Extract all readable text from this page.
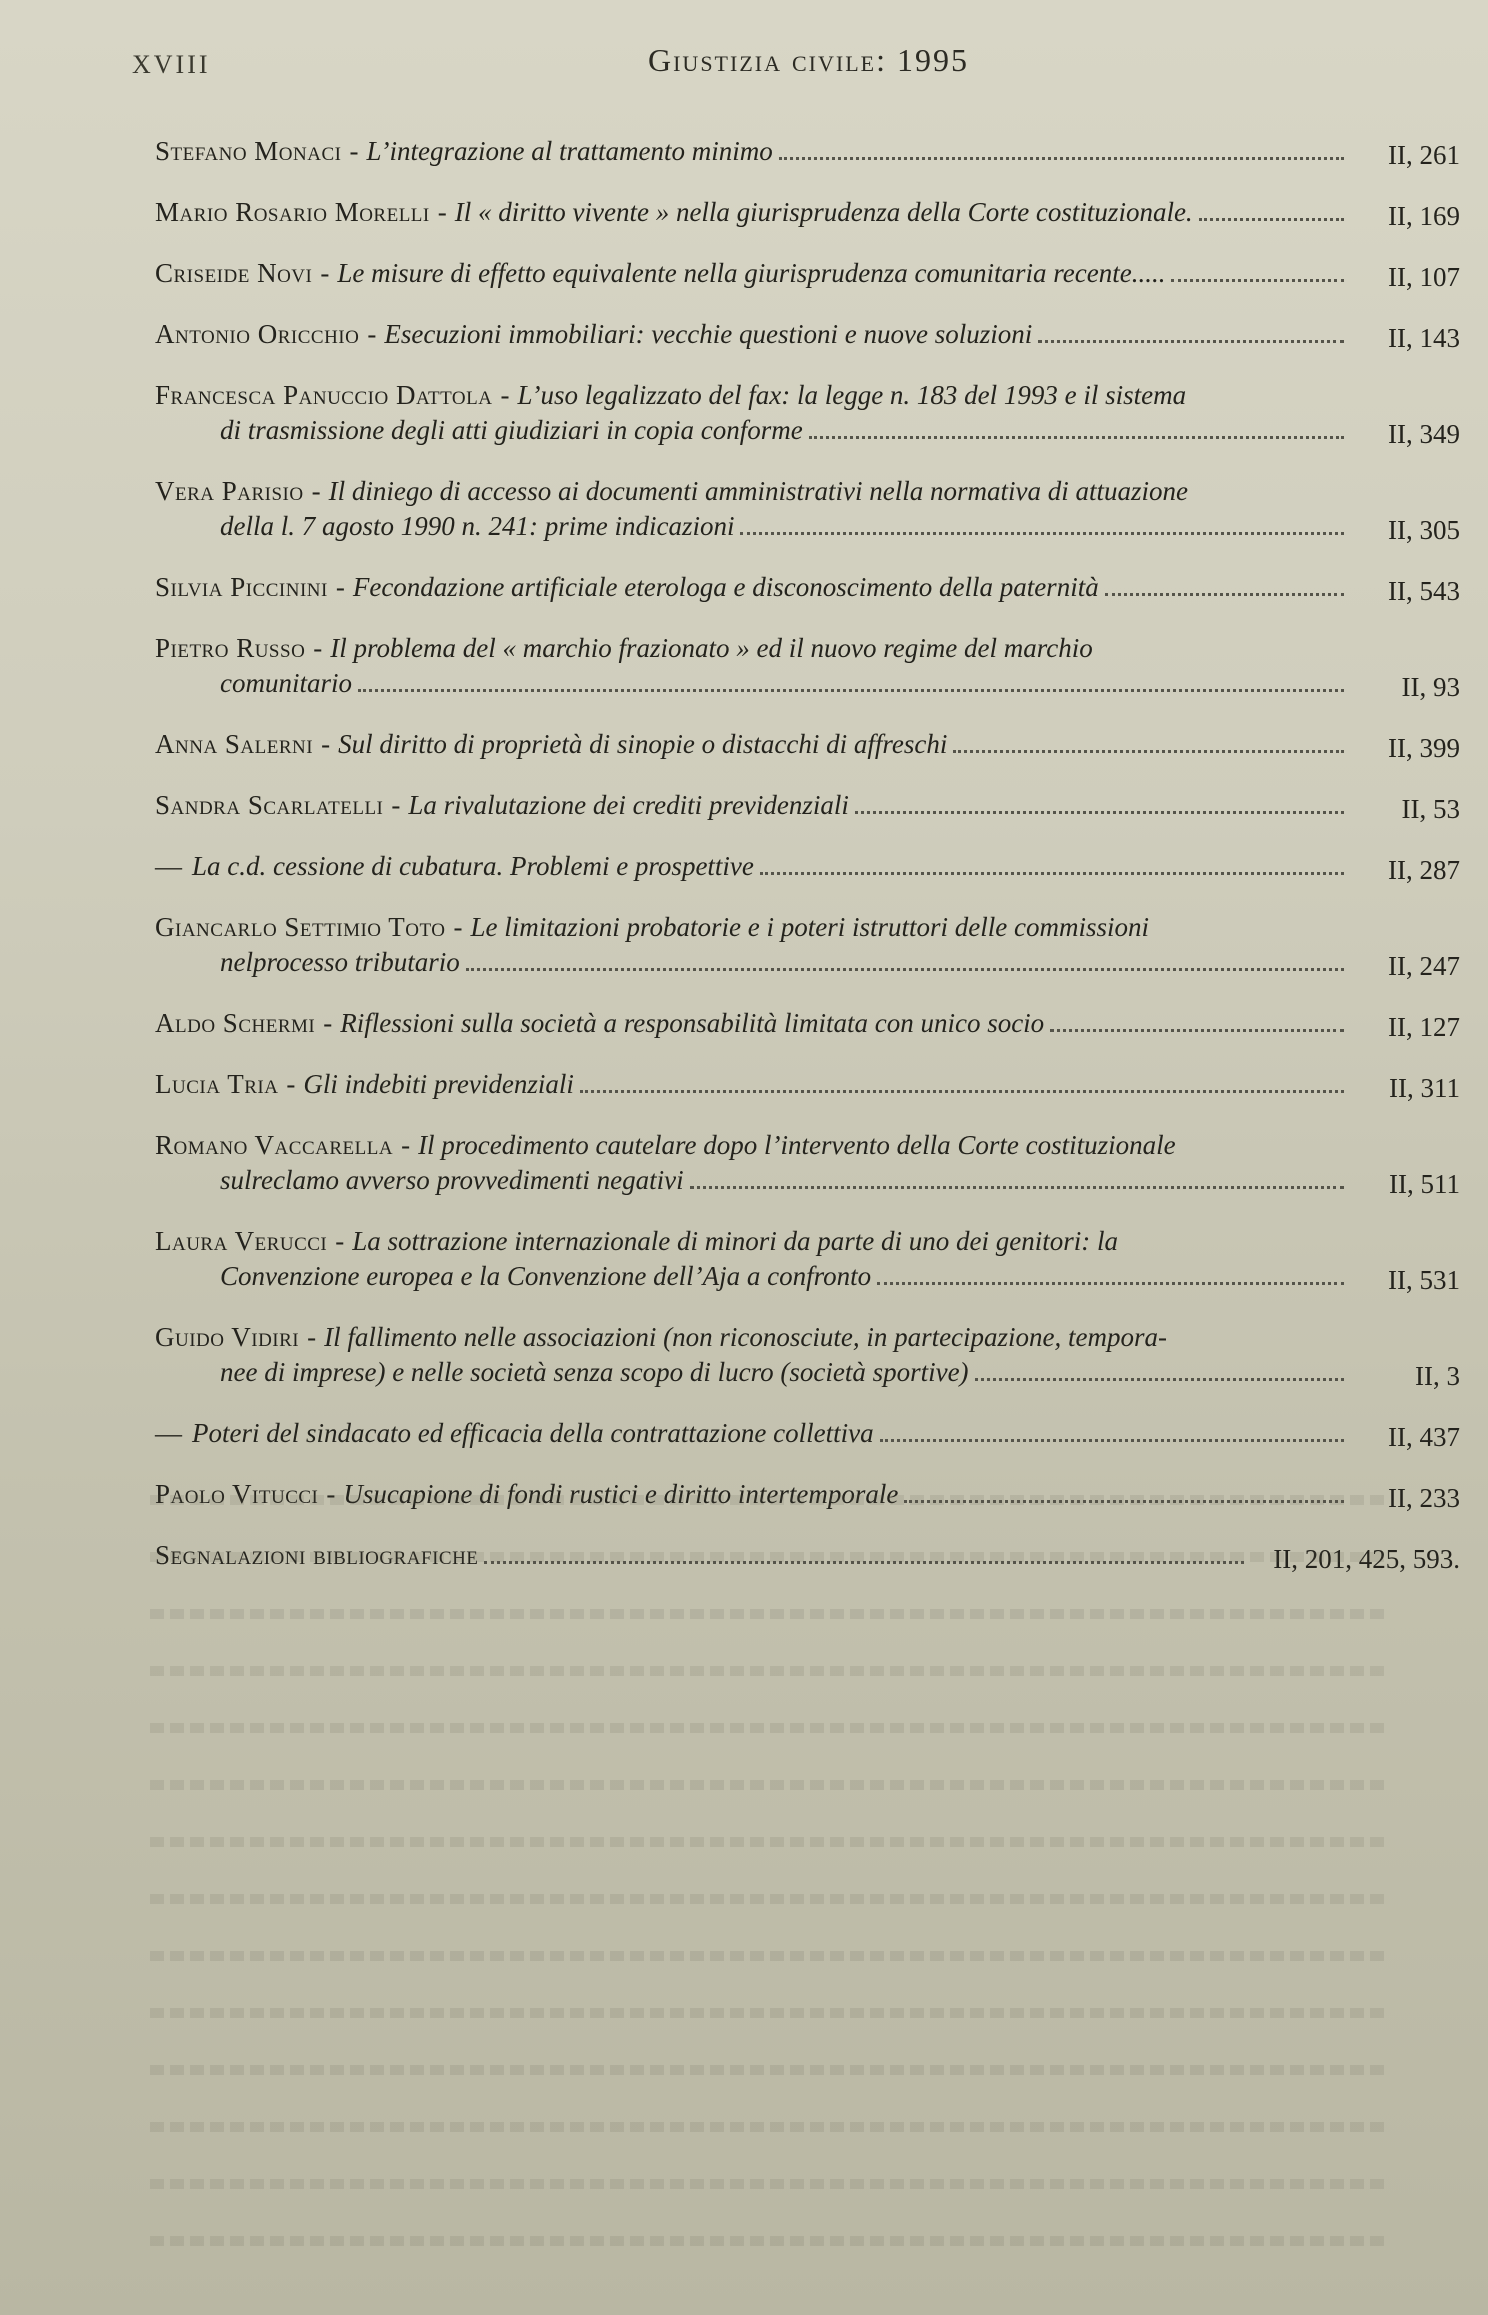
XVIII	Giustizia civile: 1995
Stefano Monaci - L’integrazione al trattamento minimo	II, 261
Mario Rosario Morelli - Il « diritto vivente » nella giurisprudenza della Corte costituzionale.	II, 169
Criseide Novi - Le misure di effetto equivalente nella giurisprudenza comunitaria recente.....	II, 107
Antonio Oricchio - Esecuzioni immobiliari: vecchie questioni e nuove soluzioni	II, 143
Francesca Panuccio Dattola - L’uso legalizzato del fax: la legge n. 183 del 1993 e il sistema
di trasmissione degli atti giudiziari in copia conforme	II, 349
Vera Parisio - Il diniego di accesso ai documenti amministrativi nella normativa di attuazione
della l. 7 agosto 1990 n. 241: prime indicazioni	II, 305
Silvia Piccinini - Fecondazione artificiale eterologa e disconoscimento della paternità	II, 543
Pietro Russo - Il problema del « marchio frazionato » ed il nuovo regime del marchio
comunitario	II, 93
Anna Salerni - Sul diritto di proprietà di sinopie o distacchi di affreschi	II, 399
Sandra Scarlatelli - La rivalutazione dei crediti previdenziali	II, 53
— La c.d. cessione di cubatura. Problemi e prospettive	II, 287
Giancarlo Settimio Toto - Le limitazioni probatorie e i poteri istruttori delle commissioni
nelprocesso tributario	II, 247
Aldo Schermi - Riflessioni sulla società a responsabilità limitata con unico socio	II, 127
Lucia Tria - Gli indebiti previdenziali	II, 311
Romano Vaccarella - Il procedimento cautelare dopo l’intervento della Corte costituzionale
sulreclamo avverso provvedimenti negativi	II, 511
Laura Verucci - La sottrazione internazionale di minori da parte di uno dei genitori: la
Convenzione europea e la Convenzione dell’Aja a confronto	II, 531
Guido Vidiri - Il fallimento nelle associazioni (non riconosciute, in partecipazione, tempora-
nee di imprese) e nelle società senza scopo di lucro (società sportive)	II, 3
— Poteri del sindacato ed efficacia della contrattazione collettiva	II, 437
Paolo Vitucci - Usucapione di fondi rustici e diritto intertemporale	II, 233
Segnalazioni bibliografiche	II, 201, 425, 593.
